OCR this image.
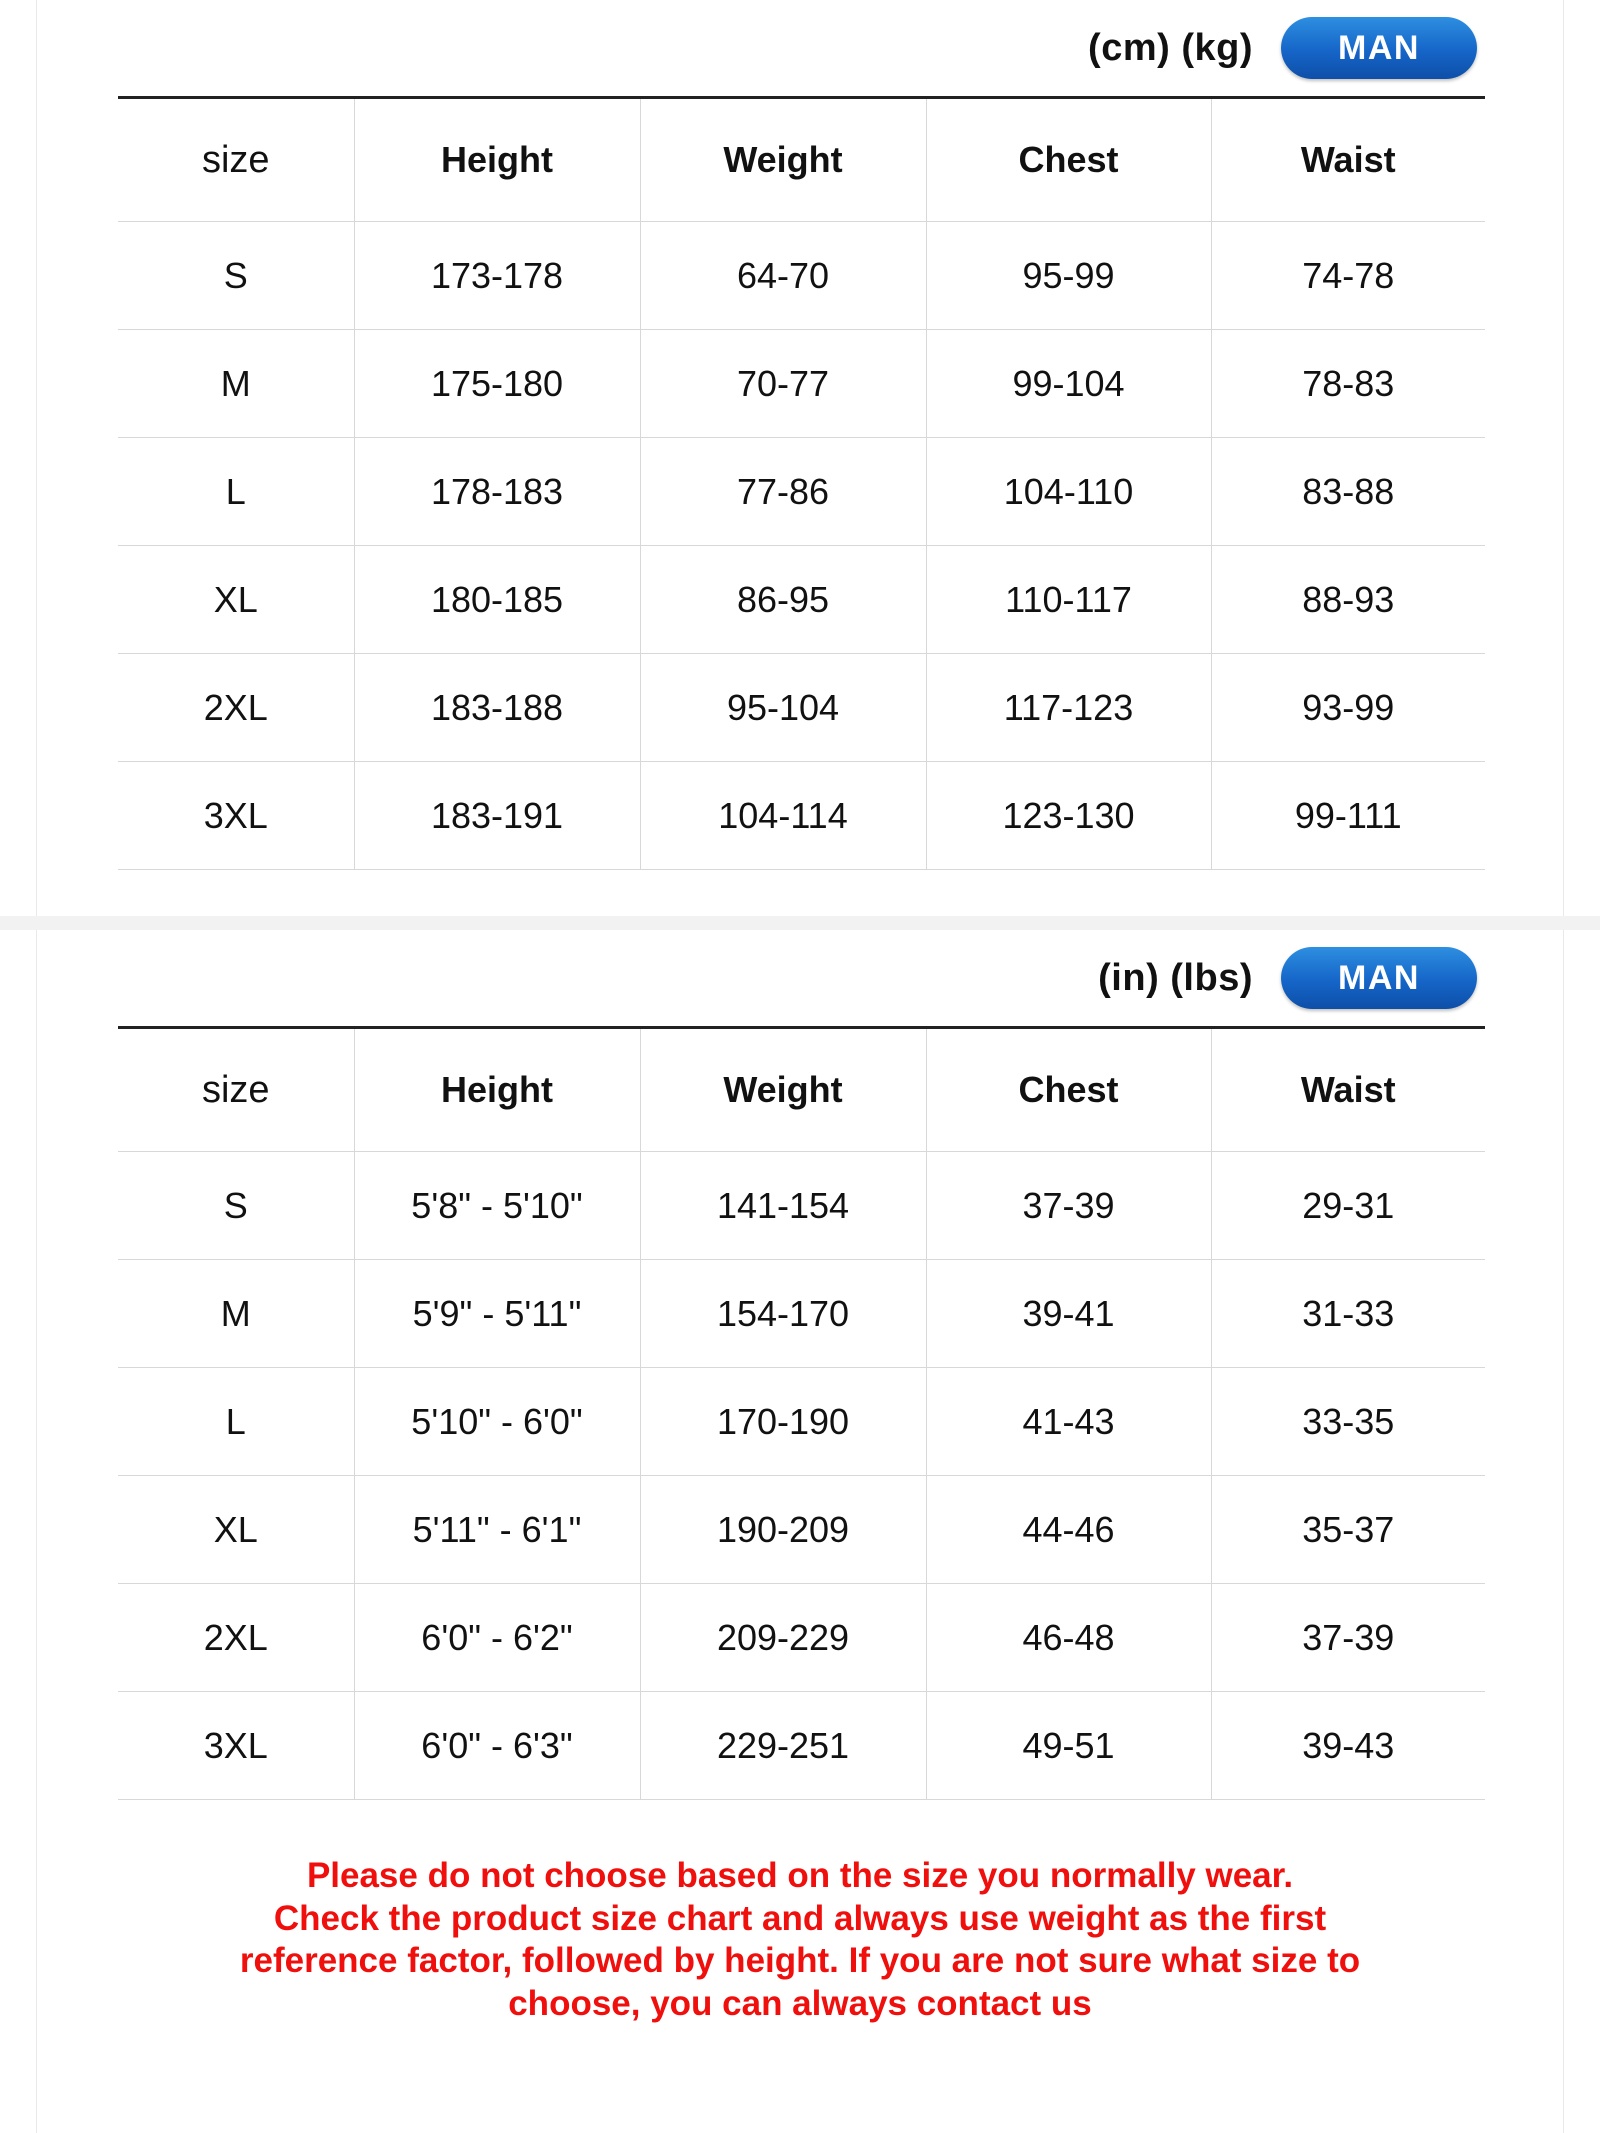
(cm) (kg)	MAN
size	Height	Weight	Chest	Waist
S	173-178	64-70	95-99	74-78
M	175-180	70-77	99-104	78-83
L	178-183	77-86	104-110	83-88
XL	180-185	86-95	110-117	88-93
2XL	183-188	95-104	117-123	93-99
3XL	183-191	104-114	123-130	99-111
(in) (lbs)	MAN
size	Height	Weight	Chest	Waist
S	5'8" - 5'10"	141-154	37-39	29-31
M	5'9" - 5'11"	154-170	39-41	31-33
L	5'10" - 6'0"	170-190	41-43	33-35
XL	5'11" - 6'1"	190-209	44-46	35-37
2XL	6'0" - 6'2"	209-229	46-48	37-39
3XL	6'0" - 6'3"	229-251	49-51	39-43

Please do not choose based on the size you normally wear.

Check the product size chart and always use weight as the first

reference factor, followed by height. If you are not sure what size to

choose, you can always contact us
